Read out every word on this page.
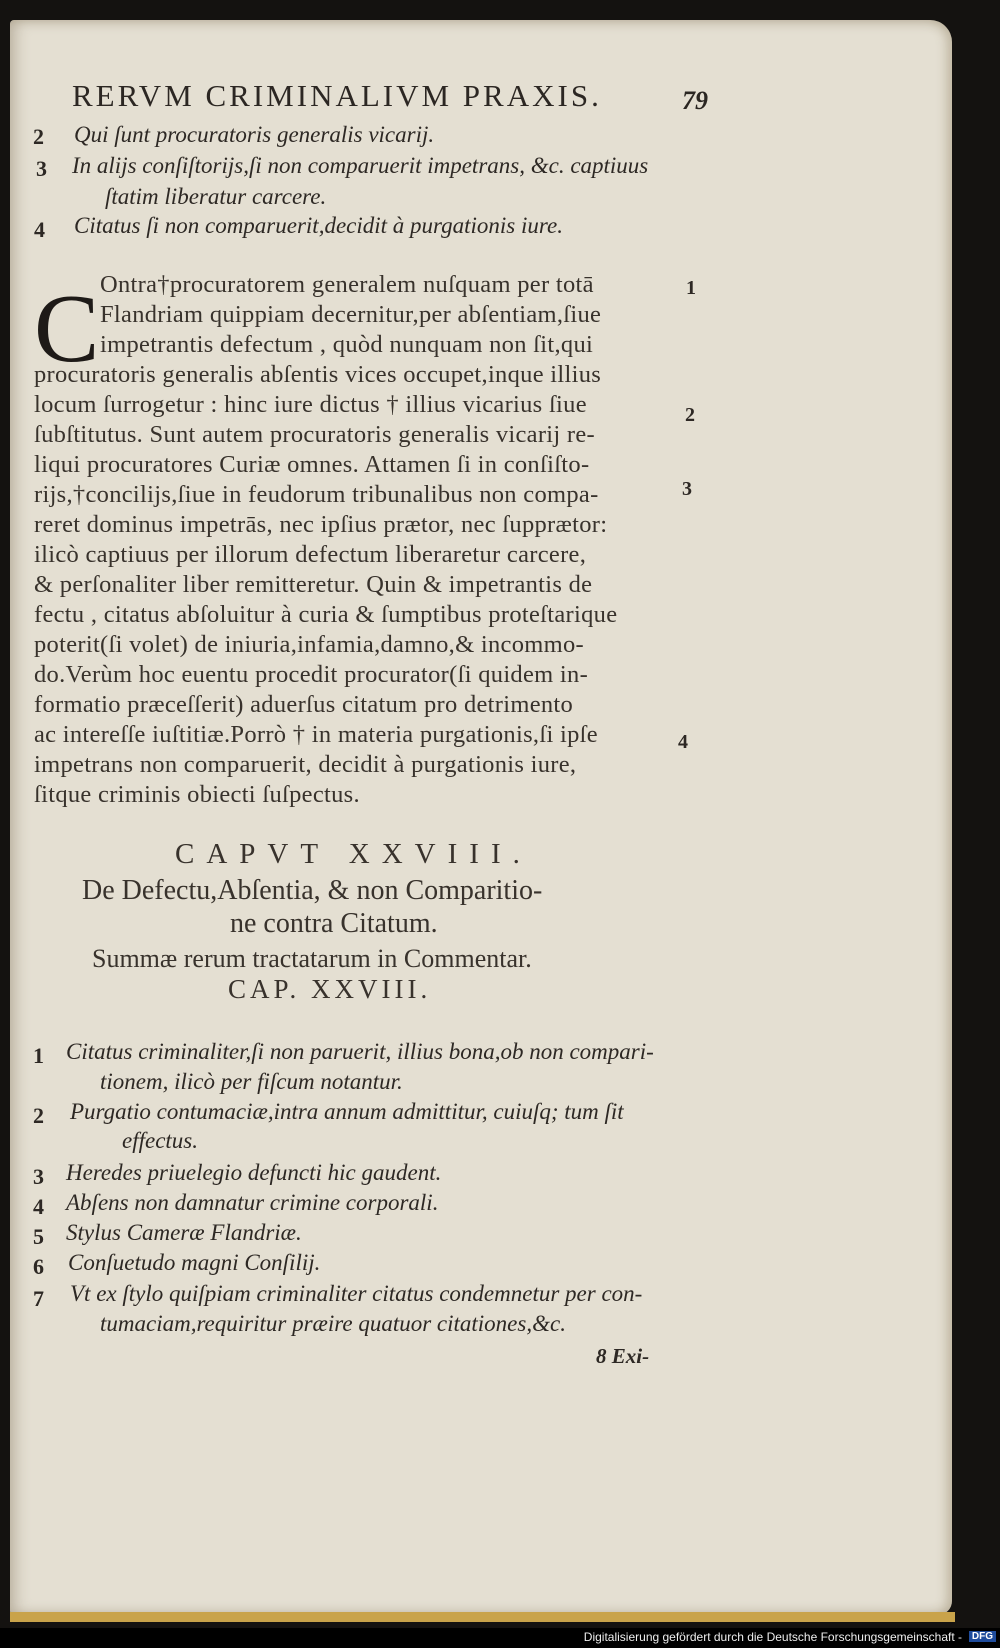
RERVM CRIMINALIVM PRAXIS.	79
2 Qui ſunt procuratoris generalis vicarij.
3 In alijs conſiſtorijs,ſi non comparuerit impetrans, &c. captiuus
ſtatim liberatur carcere.
4 Citatus ſi non comparuerit,decidit à purgationis iure.
C Ontra†procuratorem generalem nuſquam per totā
Flandriam quippiam decernitur,per abſentiam,ſiue
impetrantis defectum , quòd nunquam non ſit,qui
procuratoris generalis abſentis vices occupet,inque illius
locum ſurrogetur : hinc iure dictus † illius vicarius ſiue
ſubſtitutus. Sunt autem procuratoris generalis vicarij re-
liqui procuratores Curiæ omnes. Attamen ſi in conſiſto-
rijs,†concilijs,ſiue in feudorum tribunalibus non compa-
reret dominus impetrās, nec ipſius prætor, nec ſupprætor:
ilicò captiuus per illorum defectum liberaretur carcere,
& perſonaliter liber remitteretur. Quin & impetrantis de
fectu , citatus abſoluitur à curia & ſumptibus proteſtarique
poterit(ſi volet) de iniuria,infamia,damno,& incommo-
do.Verùm hoc euentu procedit procurator(ſi quidem in-
formatio præceſſerit) aduerſus citatum pro detrimento
ac intereſſe iuſtitiæ.Porrò † in materia purgationis,ſi ipſe
impetrans non comparuerit, decidit à purgationis iure,
ſitque criminis obiecti ſuſpectus.
1
2
3
4
CAPVT XXVIII.
De Defectu,Abſentia, & non Comparitio-
ne contra Citatum.
Summæ rerum tractatarum in Commentar.
CAP. XXVIII.
1 Citatus criminaliter,ſi non paruerit, illius bona,ob non compari-
tionem, ilicò per fiſcum notantur.
2 Purgatio contumaciæ,intra annum admittitur, cuiuſq; tum ſit
effectus.
3 Heredes priuelegio defuncti hic gaudent.
4 Abſens non damnatur crimine corporali.
5 Stylus Cameræ Flandriæ.
6 Conſuetudo magni Conſilij.
7 Vt ex ſtylo quiſpiam criminaliter citatus condemnetur per con-
tumaciam,requiritur præire quatuor citationes,&c.
8 Exi-
Digitalisierung gefördert durch die Deutsche Forschungsgemeinschaft - DFG
